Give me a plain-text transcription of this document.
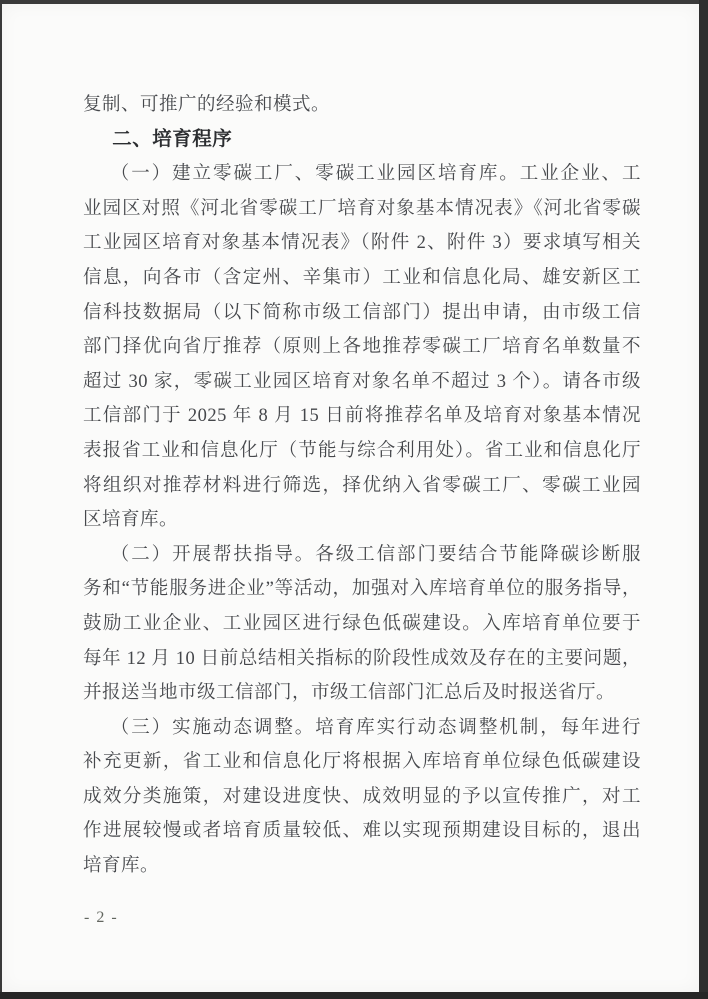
复制、可推广的经验和模式。
二、培育程序
（一）建立零碳工厂、零碳工业园区培育库。工业企业、工
业园区对照《河北省零碳工厂培育对象基本情况表》《河北省零碳
工业园区培育对象基本情况表》（附件 2、附件 3）要求填写相关
信息，向各市（含定州、辛集市）工业和信息化局、雄安新区工
信科技数据局（以下简称市级工信部门）提出申请，由市级工信
部门择优向省厅推荐（原则上各地推荐零碳工厂培育名单数量不
超过 30 家，零碳工业园区培育对象名单不超过 3 个）。请各市级
工信部门于 2025 年 8 月 15 日前将推荐名单及培育对象基本情况
表报省工业和信息化厅（节能与综合利用处）。省工业和信息化厅
将组织对推荐材料进行筛选，择优纳入省零碳工厂、零碳工业园
区培育库。
（二）开展帮扶指导。各级工信部门要结合节能降碳诊断服
务和“节能服务进企业”等活动，加强对入库培育单位的服务指导，
鼓励工业企业、工业园区进行绿色低碳建设。入库培育单位要于
每年 12 月 10 日前总结相关指标的阶段性成效及存在的主要问题，
并报送当地市级工信部门，市级工信部门汇总后及时报送省厅。
（三）实施动态调整。培育库实行动态调整机制，每年进行
补充更新，省工业和信息化厅将根据入库培育单位绿色低碳建设
成效分类施策，对建设进度快、成效明显的予以宣传推广，对工
作进展较慢或者培育质量较低、难以实现预期建设目标的，退出
培育库。
- 2 -
